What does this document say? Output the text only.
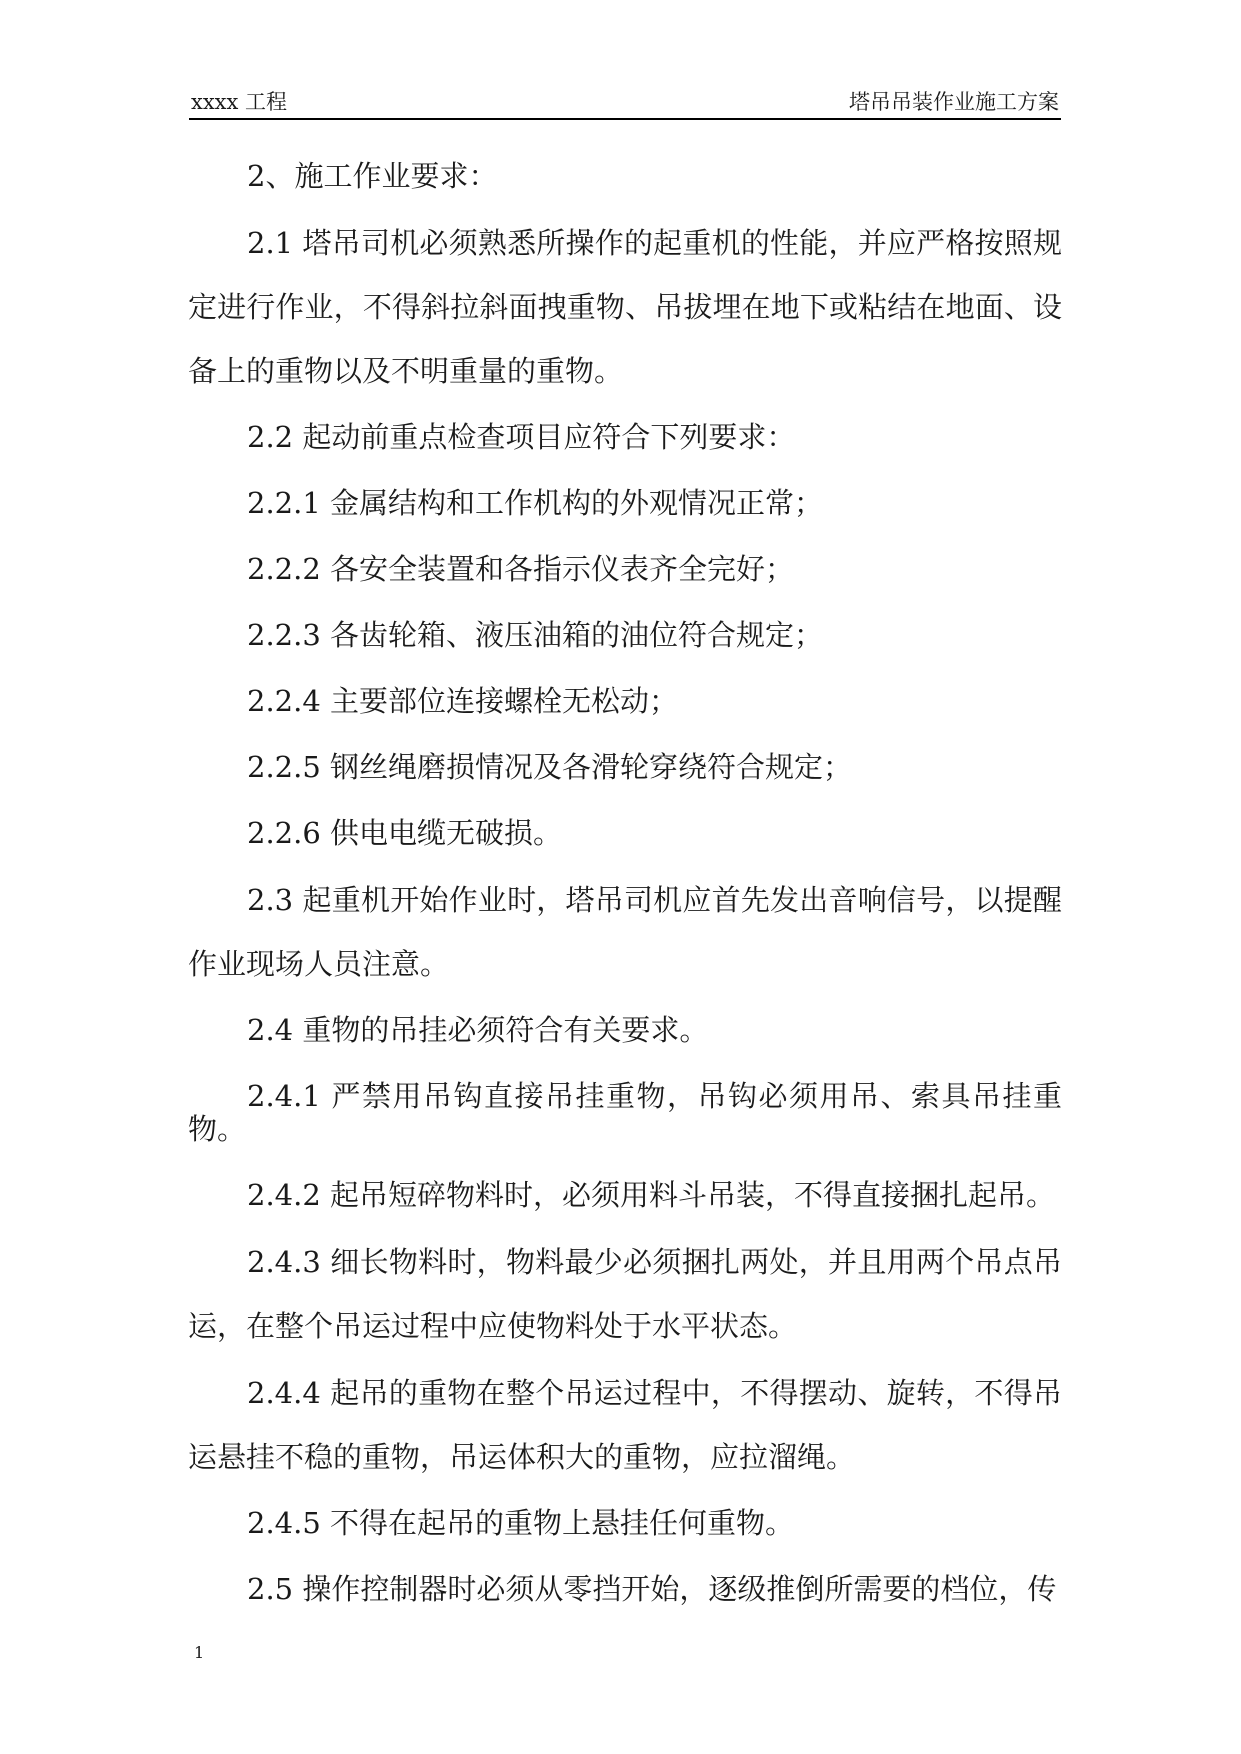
xxxx 工程	塔吊吊装作业施工方案

2、施工作业要求：

2.1 塔吊司机必须熟悉所操作的起重机的性能，并应严格按照规定进行作业，不得斜拉斜面拽重物、吊拔埋在地下或粘结在地面、设备上的重物以及不明重量的重物。

2.2 起动前重点检查项目应符合下列要求：

2.2.1 金属结构和工作机构的外观情况正常；

2.2.2 各安全装置和各指示仪表齐全完好；

2.2.3 各齿轮箱、液压油箱的油位符合规定；

2.2.4 主要部位连接螺栓无松动；

2.2.5 钢丝绳磨损情况及各滑轮穿绕符合规定；

2.2.6 供电电缆无破损。

2.3 起重机开始作业时，塔吊司机应首先发出音响信号，以提醒作业现场人员注意。

2.4 重物的吊挂必须符合有关要求。

2.4.1 严禁用吊钩直接吊挂重物，吊钩必须用吊、索具吊挂重物。

2.4.2 起吊短碎物料时，必须用料斗吊装，不得直接捆扎起吊。

2.4.3 细长物料时，物料最少必须捆扎两处，并且用两个吊点吊运，在整个吊运过程中应使物料处于水平状态。

2.4.4 起吊的重物在整个吊运过程中，不得摆动、旋转，不得吊运悬挂不稳的重物，吊运体积大的重物，应拉溜绳。

2.4.5 不得在起吊的重物上悬挂任何重物。

2.5 操作控制器时必须从零挡开始，逐级推倒所需要的档位，传

1
